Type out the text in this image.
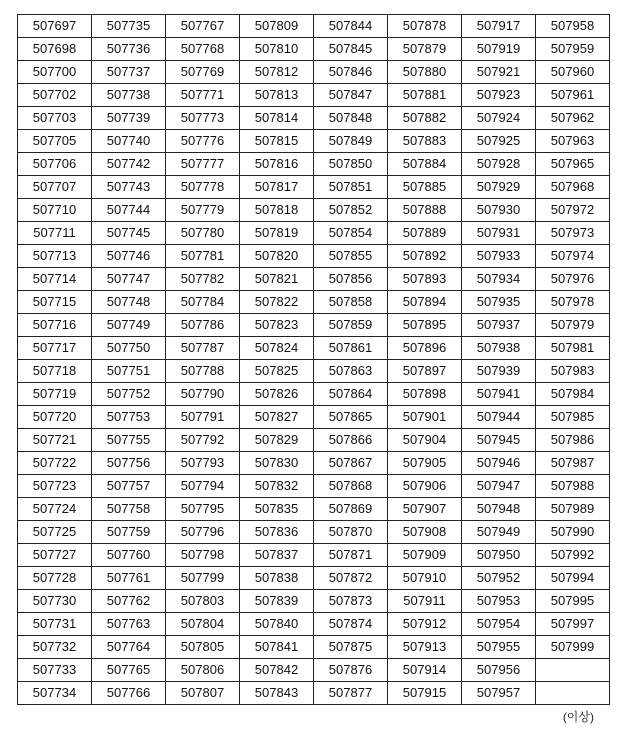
507697	507735	507767	507809	507844	507878	507917	507958
507698	507736	507768	507810	507845	507879	507919	507959
507700	507737	507769	507812	507846	507880	507921	507960
507702	507738	507771	507813	507847	507881	507923	507961
507703	507739	507773	507814	507848	507882	507924	507962
507705	507740	507776	507815	507849	507883	507925	507963
507706	507742	507777	507816	507850	507884	507928	507965
507707	507743	507778	507817	507851	507885	507929	507968
507710	507744	507779	507818	507852	507888	507930	507972
507711	507745	507780	507819	507854	507889	507931	507973
507713	507746	507781	507820	507855	507892	507933	507974
507714	507747	507782	507821	507856	507893	507934	507976
507715	507748	507784	507822	507858	507894	507935	507978
507716	507749	507786	507823	507859	507895	507937	507979
507717	507750	507787	507824	507861	507896	507938	507981
507718	507751	507788	507825	507863	507897	507939	507983
507719	507752	507790	507826	507864	507898	507941	507984
507720	507753	507791	507827	507865	507901	507944	507985
507721	507755	507792	507829	507866	507904	507945	507986
507722	507756	507793	507830	507867	507905	507946	507987
507723	507757	507794	507832	507868	507906	507947	507988
507724	507758	507795	507835	507869	507907	507948	507989
507725	507759	507796	507836	507870	507908	507949	507990
507727	507760	507798	507837	507871	507909	507950	507992
507728	507761	507799	507838	507872	507910	507952	507994
507730	507762	507803	507839	507873	507911	507953	507995
507731	507763	507804	507840	507874	507912	507954	507997
507732	507764	507805	507841	507875	507913	507955	507999
507733	507765	507806	507842	507876	507914	507956	
507734	507766	507807	507843	507877	507915	507957	
(이상)
